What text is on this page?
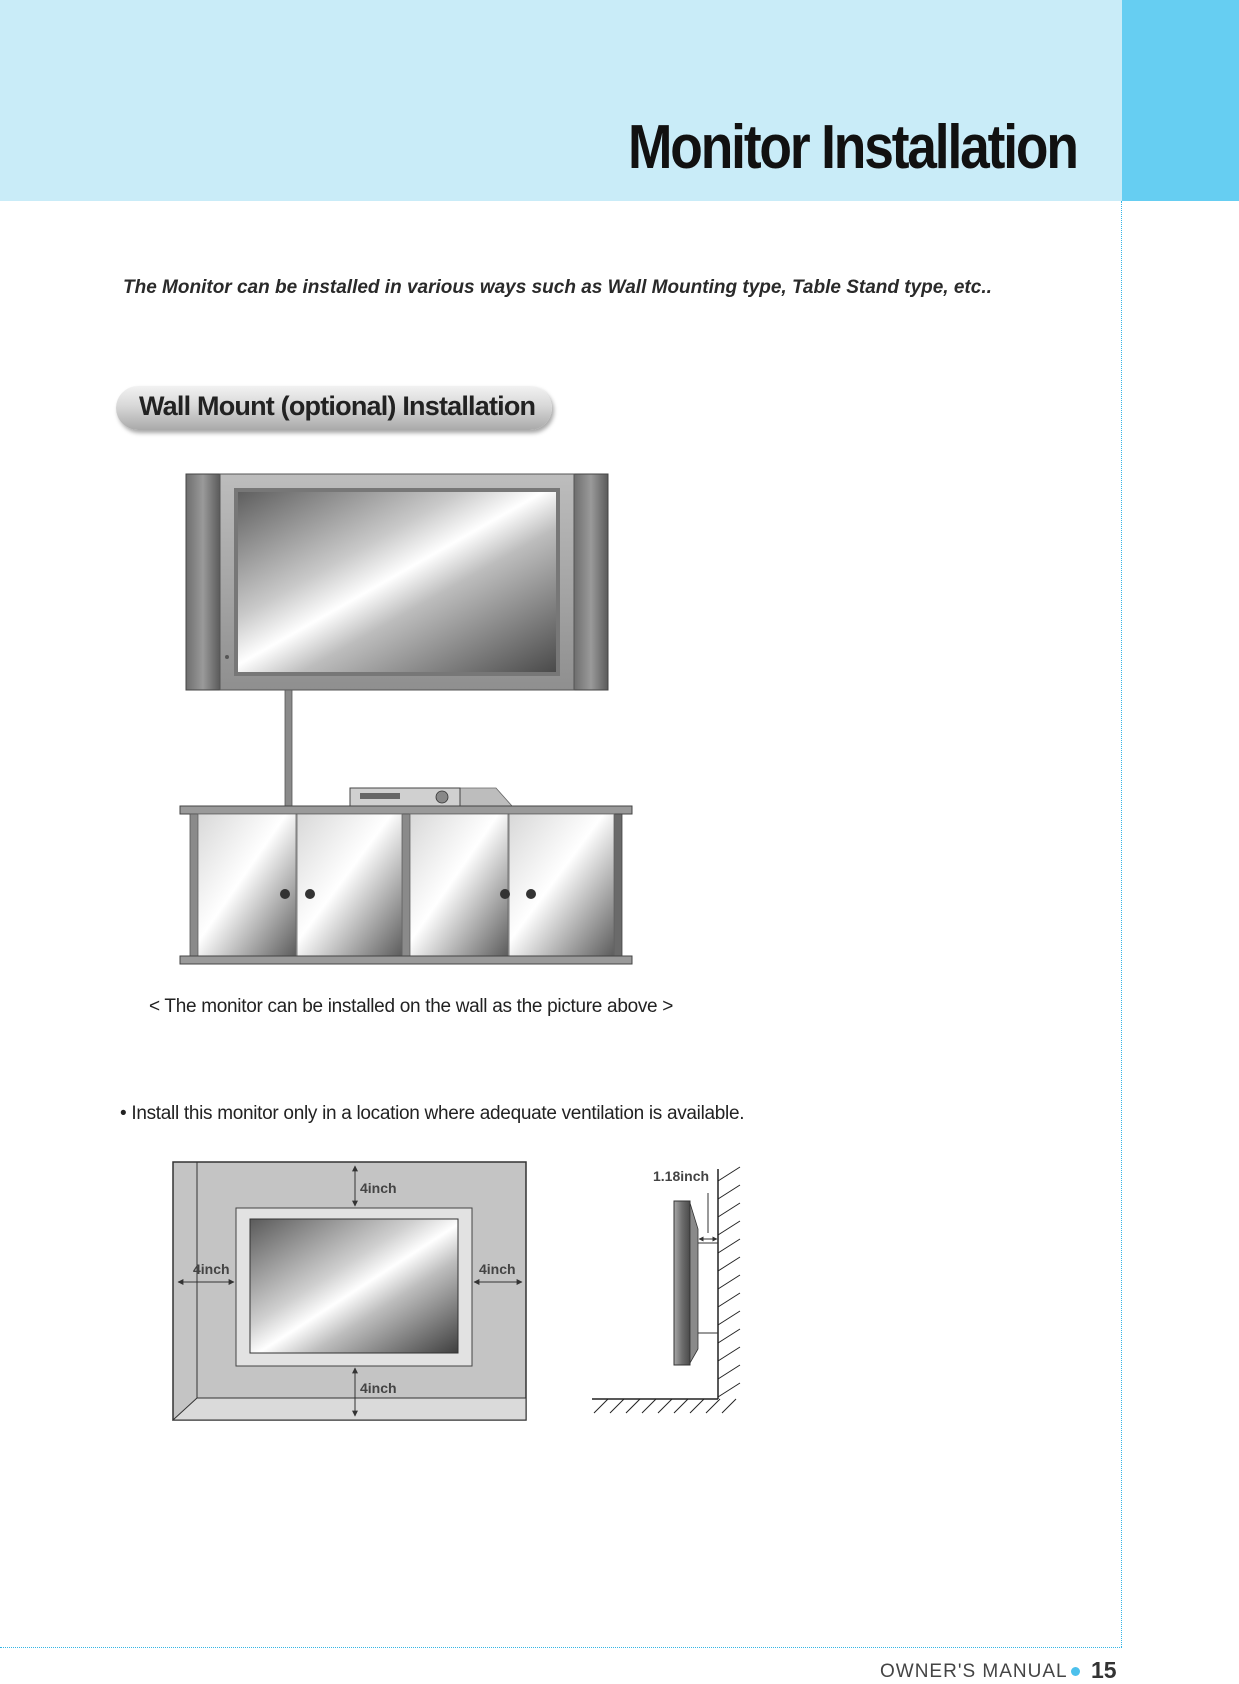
Monitor Installation

The Monitor can be installed in various ways such as Wall Mounting type, Table Stand type, etc..

Wall Mount (optional) Installation

< The monitor can be installed on the wall as the picture above >

• Install this monitor only in a location where adequate ventilation is available.

4inch

4inch	4inch

4inch

1.18inch

OWNER'S MANUAL 15
